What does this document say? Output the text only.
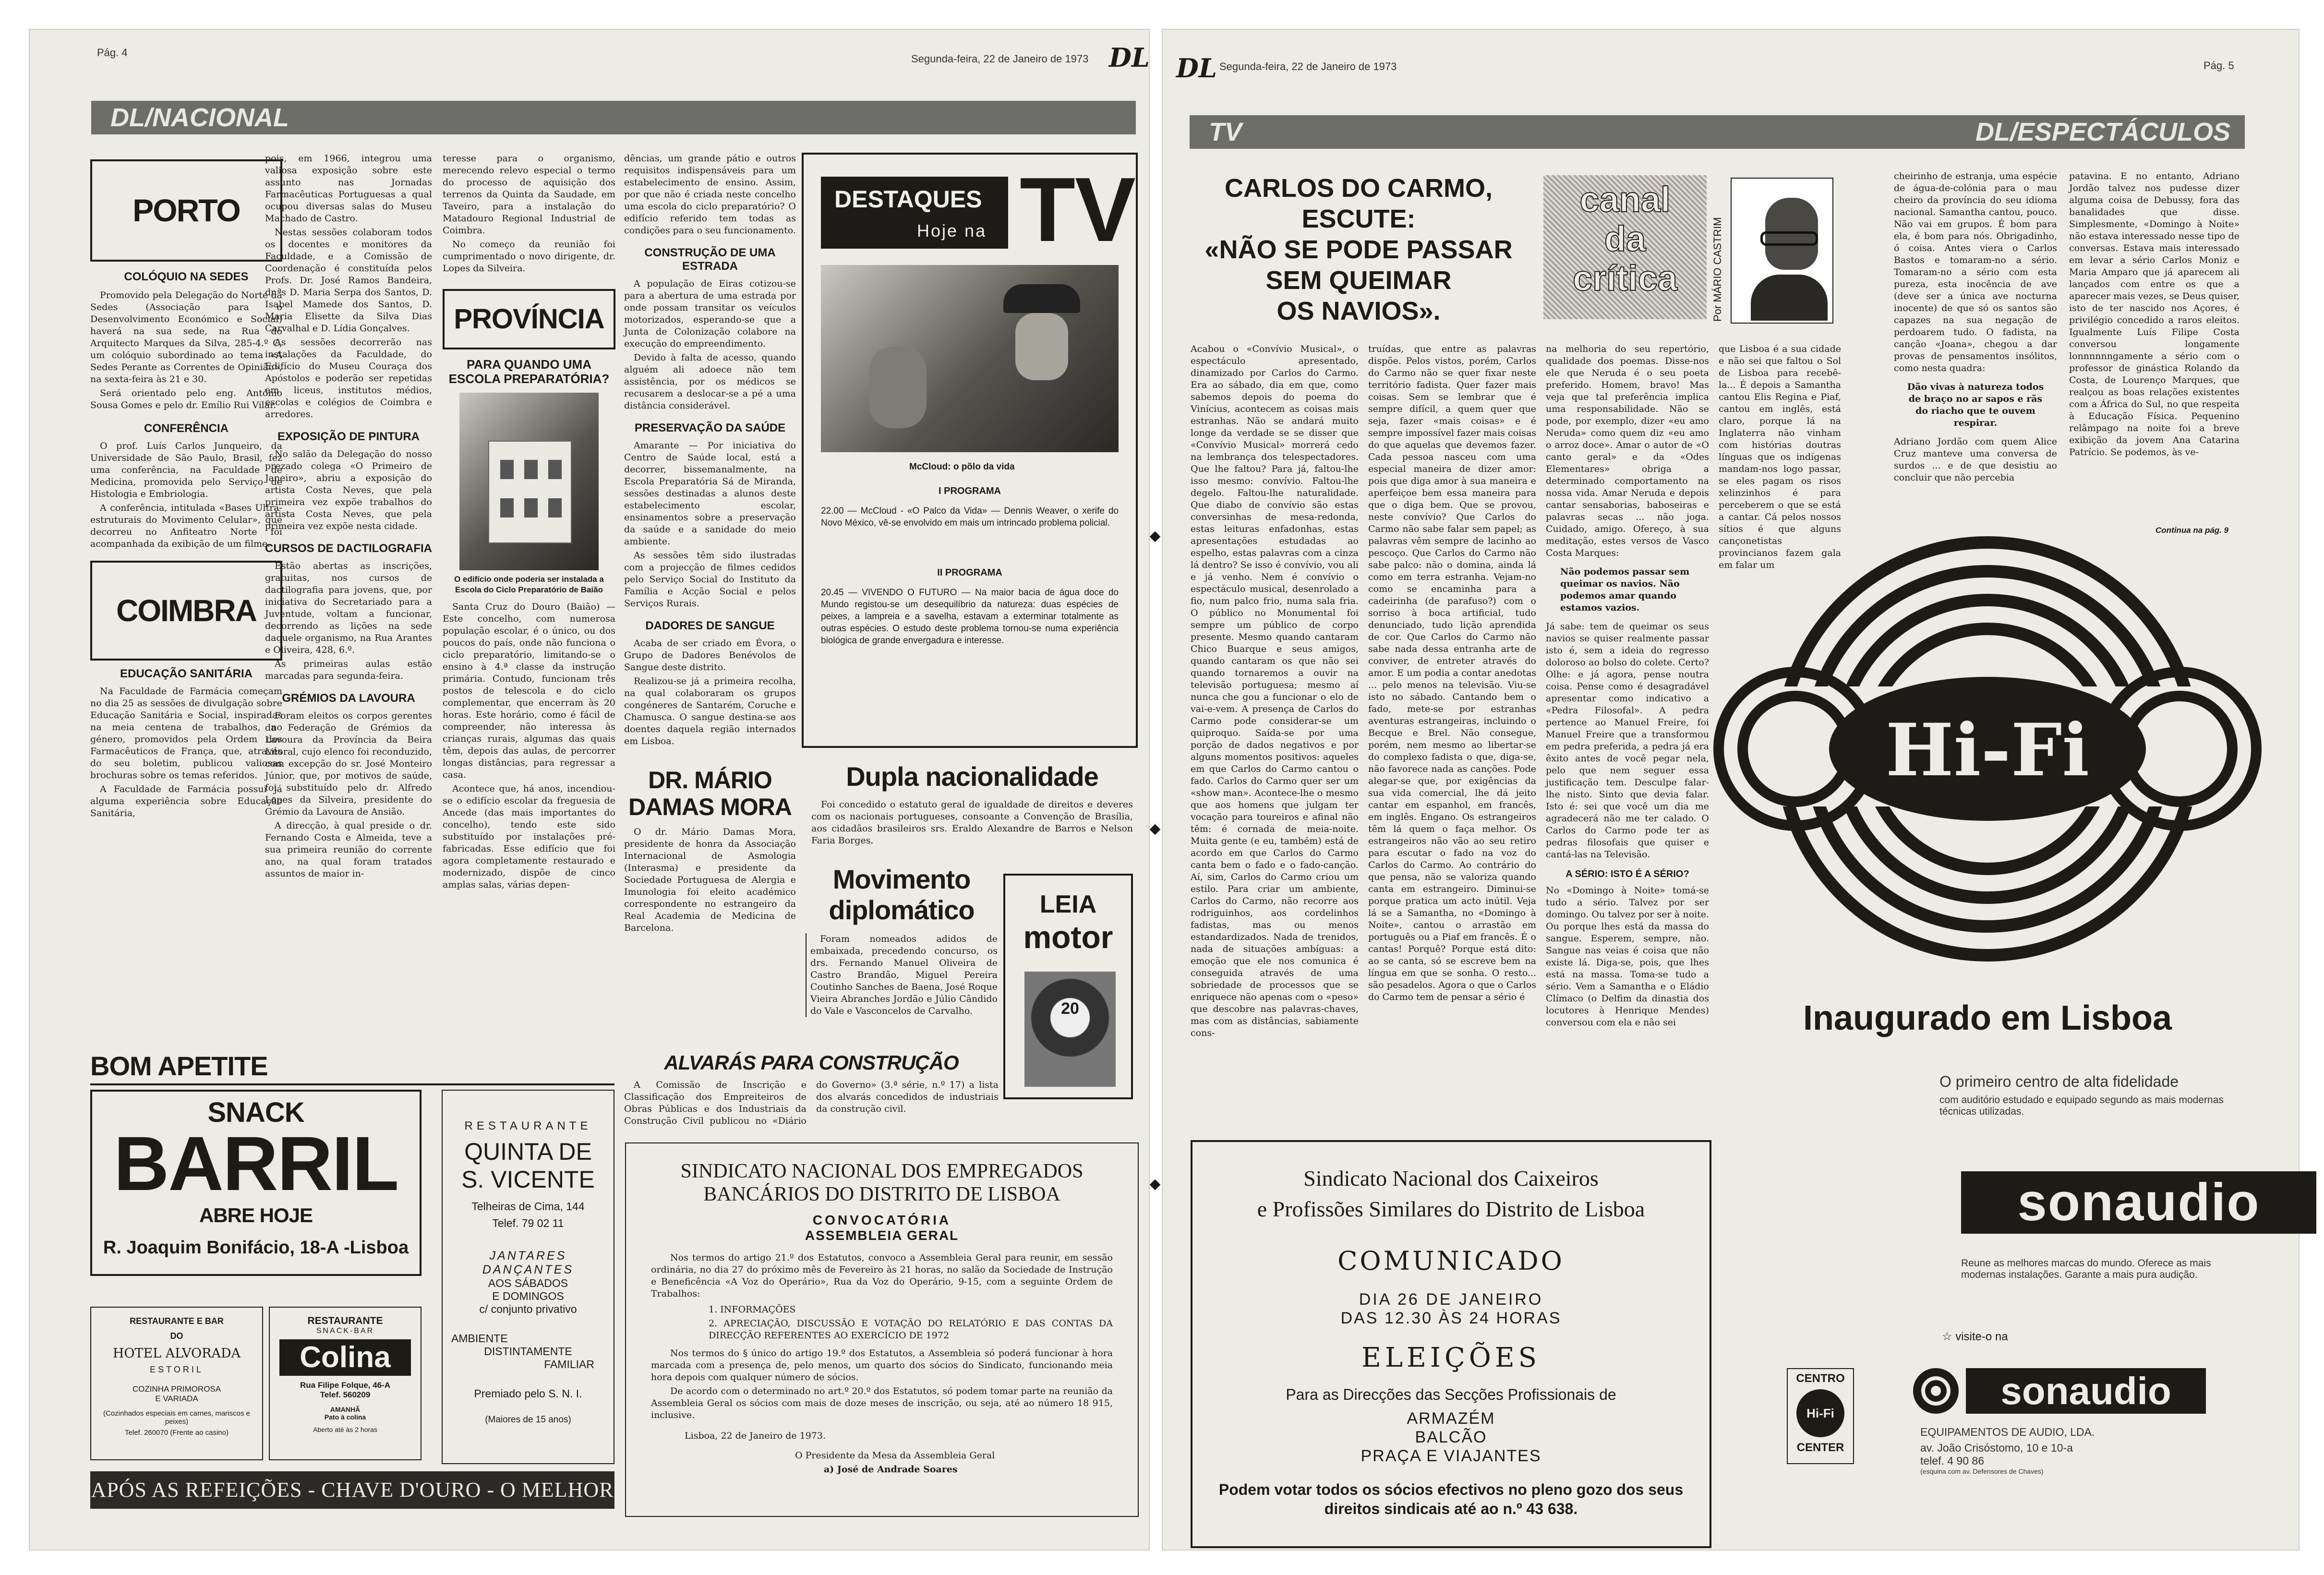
Pág. 4
Segunda-feira, 22 de Janeiro de 1973 DL
DL/NACIONAL
PORTO
COLÓQUIO NA SEDES

Promovido pela Delegação do Norte da Sedes (Associação para o Desenvolvimento Económico e Social) haverá na sua sede, na Rua do Arquitecto Marques da Silva, 285-4.º C, um colóquio subordinado ao tema «A Sedes Perante as Correntes de Opinião», na sexta-feira às 21 e 30.

Será orientado pelo eng. António Sousa Gomes e pelo dr. Emílio Rui Vilar.

CONFERÊNCIA

O prof. Luís Carlos Junqueiro, da Universidade de São Paulo, Brasil, fez uma conferência, na Faculdade de Medicina, promovida pelo Serviço de Histologia e Embriologia.

A conferência, intitulada «Bases Ultra-estruturais do Movimento Celular», que decorreu no Anfiteatro Norte foi acompanhada da exibição de um filme.

COIMBRA
EDUCAÇÃO SANITÁRIA

Na Faculdade de Farmácia começam no dia 25 as sessões de divulgação sobre Educação Sanitária e Social, inspiradas na meia centena de trabalhos, no género, promovidos pela Ordem dos Farmacêuticos de França, que, através do seu boletim, publicou valiosas brochuras sobre os temas referidos.

A Faculdade de Farmácia possui já alguma experiência sobre Educação Sanitária,

pois, em 1966, integrou uma valiosa exposição sobre este assunto nas Jornadas Farmacêuticas Portuguesas a qual ocupou diversas salas do Museu Machado de Castro.

Nestas sessões colaboram todos os docentes e monitores da Faculdade, e a Comissão de Coordenação é constituída pelos Profs. Dr. José Ramos Bandeira, dr.ªs D. Maria Serpa dos Santos, D. Isabel Mamede dos Santos, D. Maria Elisette da Silva Dias Carvalhal e D. Lídia Gonçalves.

As sessões decorrerão nas instalações da Faculdade, do Edifício do Museu Couraça dos Apóstolos e poderão ser repetidas em liceus, institutos médios, escolas e colégios de Coimbra e arredores.

EXPOSIÇÃO DE PINTURA

No salão da Delegação do nosso prezado colega «O Primeiro de Janeiro», abriu a exposição do artista Costa Neves, que pela primeira vez expõe trabalhos do artista Costa Neves, que pela primeira vez expõe nesta cidade.

CURSOS DE DACTILOGRAFIA

Estão abertas as inscrições, gratuitas, nos cursos de dactilografia para jovens, que, por iniciativa do Secretariado para a Juventude, voltam a funcionar, decorrendo as lições na sede daquele organismo, na Rua Arantes e Oliveira, 428, 6.º.

As primeiras aulas estão marcadas para segunda-feira.

GRÉMIOS DA LAVOURA

Foram eleitos os corpos gerentes da Federação de Grémios da Lavoura da Província da Beira Litoral, cujo elenco foi reconduzido, com excepção do sr. José Monteiro Júnior, que, por motivos de saúde, foi substituído pelo dr. Alfredo Lopes da Silveira, presidente do Grémio da Lavoura de Ansião.

A direcção, à qual preside o dr. Fernando Costa e Almeida, teve a sua primeira reunião do corrente ano, na qual foram tratados assuntos de maior in-

teresse para o organismo, merecendo relevo especial o termo do processo de aquisição dos terrenos da Quinta da Saudade, em Taveiro, para a instalação do Matadouro Regional Industrial de Coimbra.

No começo da reunião foi cumprimentado o novo dirigente, dr. Lopes da Silveira.

PROVÍNCIA
PARA QUANDO UMA ESCOLA PREPARATÓRIA?
O edifício onde poderia ser instalada a Escola do Ciclo Preparatório de Baião

Santa Cruz do Douro (Baião) — Este concelho, com numerosa população escolar, é o único, ou dos poucos do país, onde não funciona o ciclo preparatório, limitando-se o ensino à 4.ª classe da instrução primária. Contudo, funcionam três postos de telescola e do ciclo complementar, que encerram às 20 horas. Este horário, como é fácil de compreender, não interessa às crianças rurais, algumas das quais têm, depois das aulas, de percorrer longas distâncias, para regressar a casa.

Acontece que, há anos, incendiou-se o edifício escolar da freguesia de Ancede (das mais importantes do concelho), tendo este sido substituído por instalações pré-fabricadas. Esse edifício que foi agora completamente restaurado e modernizado, dispõe de cinco amplas salas, várias depen-

dências, um grande pátio e outros requisitos indispensáveis para um estabelecimento de ensino. Assim, por que não é criada neste concelho uma escola do ciclo preparatório? O edifício referido tem todas as condições para o seu funcionamento.

CONSTRUÇÃO DE UMA ESTRADA

A população de Eiras cotizou-se para a abertura de uma estrada por onde possam transitar os veículos motorizados, esperando-se que a Junta de Colonização colabore na execução do empreendimento.

Devido à falta de acesso, quando alguém ali adoece não tem assistência, por os médicos se recusarem a deslocar-se a pé a uma distância considerável.

PRESERVAÇÃO DA SAÚDE

Amarante — Por iniciativa do Centro de Saúde local, está a decorrer, bissemanalmente, na Escola Preparatória Sá de Miranda, sessões destinadas a alunos deste estabelecimento escolar, ensinamentos sobre a preservação da saúde e a sanidade do meio ambiente.

As sessões têm sido ilustradas com a projecção de filmes cedidos pelo Serviço Social do Instituto da Família e Acção Social e pelos Serviços Rurais.

DADORES DE SANGUE

Acaba de ser criado em Évora, o Grupo de Dadores Benévolos de Sangue deste distrito.

Realizou-se já a primeira recolha, na qual colaboraram os grupos congéneres de Santarém, Coruche e Chamusca. O sangue destina-se aos doentes daquela região internados em Lisboa.

DR. MÁRIO DAMAS MORA

O dr. Mário Damas Mora, presidente de honra da Associação Internacional de Asmologia (Interasma) e presidente da Sociedade Portuguesa de Alergia e Imunologia foi eleito académico correspondente no estrangeiro da Real Academia de Medicina de Barcelona.

DESTAQUES
Hoje na TV
McCloud: o põlo da vida
I PROGRAMA

22.00 — McCloud - «O Palco da Vida» — Dennis Weaver, o xerife do Novo México, vê-se envolvido em mais um intrincado problema policial.

II PROGRAMA

20.45 — VIVENDO O FUTURO — Na maior bacia de água doce do Mundo registou-se um desequilíbrio da natureza: duas espécies de peixes, a lampreia e a savelha, estavam a exterminar totalmente as outras espécies. O estudo deste problema tornou-se numa experiência biológica de grande envergadura e interesse.

Dupla nacionalidade

Foi concedido o estatuto geral de igualdade de direitos e deveres com os nacionais portugueses, consoante a Convenção de Brasília, aos cidadãos brasileiros srs. Eraldo Alexandre de Barros e Nelson Faria Borges.

Movimento diplomático

Foram nomeados adidos de embaixada, precedendo concurso, os drs. Fernando Manuel Oliveira de Castro Brandão, Miguel Pereira Coutinho Sanches de Baena, José Roque Vieira Abranches Jordão e Júlio Cândido do Vale e Vasconcelos de Carvalho.

LEIA
motor
20
ALVARÁS PARA CONSTRUÇÃO

A Comissão de Inscrição e Classificação dos Empreiteiros de Obras Públicas e dos Industriais da Construção Civil publicou no «Diário do Governo» (3.ª série, n.º 17) a lista dos alvarás concedidos de industriais da construção civil.

BOM APETITE
SNACK
BARRIL
ABRE HOJE
R. Joaquim Bonifácio, 18-A -Lisboa
RESTAURANTE
QUINTA DE
S. VICENTE
Telheiras de Cima, 144
Telef. 79 02 11
JANTARES
DANÇANTES
AOS SÁBADOS
E DOMINGOS
c/ conjunto privativo
AMBIENTE
DISTINTAMENTE
FAMILIAR
Premiado pelo S. N. I.
(Maiores de 15 anos)
RESTAURANTE E BAR
DO
HOTEL ALVORADA
ESTORIL
COZINHA PRIMOROSA
E VARIADA
(Cozinhados especiais em carnes, mariscos e peixes)
Telef. 260070 (Frente ao casino)
RESTAURANTE
SNACK-BAR
Colina
Rua Filipe Folque, 46-A
Telef. 560209
AMANHÃ
Pato à colina
Aberto até às 2 horas
APÓS AS REFEIÇÕES - CHAVE D'OURO - O MELHOR CAFÉ
SINDICATO NACIONAL DOS EMPREGADOS
BANCÁRIOS DO DISTRITO DE LISBOA
CONVOCATÓRIA
ASSEMBLEIA GERAL

Nos termos do artigo 21.º dos Estatutos, convoco a Assembleia Geral para reunir, em sessão ordinária, no dia 27 do próximo mês de Fevereiro às 21 horas, no salão da Sociedade de Instrução e Beneficência «A Voz do Operário», Rua da Voz do Operário, 9-15, com a seguinte Ordem de Trabalhos:

1. INFORMAÇÕES
2. APRECIAÇÃO, DISCUSSÃO E VOTAÇÃO DO RELATÓRIO E DAS CONTAS DA DIRECÇÃO REFERENTES AO EXERCÍCIO DE 1972

Nos termos do § único do artigo 19.º dos Estatutos, a Assembleia só poderá funcionar à hora marcada com a presença de, pelo menos, um quarto dos sócios do Sindicato, funcionando meia hora depois com qualquer número de sócios.

De acordo com o determinado no art.º 20.º dos Estatutos, só podem tomar parte na reunião da Assembleia Geral os sócios com mais de doze meses de inscrição, ou seja, até ao número 18 915, inclusive.

Lisboa, 22 de Janeiro de 1973.
O Presidente da Mesa da Assembleia Geral
a) José de Andrade Soares
DL Segunda-feira, 22 de Janeiro de 1973	Pág. 5
TV	DL/ESPECTÁCULOS
CARLOS DO CARMO,
ESCUTE:
«NÃO SE PODE PASSAR
SEM QUEIMAR
OS NAVIOS».
canal
da
crítica	Por MÁRIO CASTRIM
Acabou o «Convívio Musical», o espectáculo apresentado, dinamizado por Carlos do Carmo. Era ao sábado, dia em que, como sabemos depois do poema do Vinícius, acontecem as coisas mais estranhas. Não se andará muito longe da verdade se se disser que «Convívio Musical» morrerá cedo na lembrança dos telespectadores. Que lhe faltou? Para já, faltou-lhe isso mesmo: convívio. Faltou-lhe degelo. Faltou-lhe naturalidade. Que diabo de convívio são estas conversinhas de mesa-redonda, estas leituras enfadonhas, estas apresentações estudadas ao espelho, estas palavras com a cinza lá dentro? Se isso é convívio, vou ali e já venho. Nem é convívio o espectáculo musical, desenrolado a fio, num palco frio, numa sala fria. O público no Monumental foi sempre um público de corpo presente. Mesmo quando cantaram Chico Buarque e seus amigos, quando cantaram os que não sei quando tornaremos a ouvir na televisão portuguesa; mesmo aí nunca che gou a funcionar o elo de vai-e-vem. A presença de Carlos do Carmo pode considerar-se um quiproquo. Saída-se por uma porção de dados negativos e por alguns momentos positivos: aqueles em que Carlos do Carmo cantou o fado. Carlos do Carmo quer ser um «show man». Acontece-lhe o mesmo que aos homens que julgam ter vocação para toureiros e afinal não têm: é cornada de meia-noite. Muita gente (e eu, também) está de acordo em que Carlos do Carmo canta bem o fado e o fado-canção. Aí, sim, Carlos do Carmo criou um estilo. Para criar um ambiente, Carlos do Carmo, não recorre aos rodriguinhos, aos cordelinhos fadistas, mas ou menos estandardizados. Nada de trenidos, nada de situações ambíguas: a emoção que ele nos comunica é conseguida através de uma sobriedade de processos que se enriquece não apenas com o «peso» que descobre nas palavras-chaves, mas com as distâncias, sabiamente cons-
truídas, que entre as palavras dispõe. Pelos vistos, porém, Carlos do Carmo não se quer fixar neste território fadista. Quer fazer mais coisas. Sem se lembrar que é sempre difícil, a quem quer que seja, fazer «mais coisas» e é sempre impossível fazer mais coisas do que aquelas que devemos fazer. Cada pessoa nasceu com uma especial maneira de dizer amor: pois que diga amor à sua maneira e aperfeiçoe bem essa maneira para que o diga bem. Que se provou, neste convívio? Que Carlos do Carmo não sabe falar sem papel; as palavras vêm sempre de lacinho ao pescoço. Que Carlos do Carmo não sabe palco: não o domina, ainda lá como em terra estranha. Vejam-no como se encaminha para a cadeirinha (de parafuso?) com o sorriso à boca artificial, tudo denunciado, tudo lição aprendida de cor. Que Carlos do Carmo não sabe nada dessa entranha arte de conviver, de entreter através do amor. E um podia a contar anedotas ... pelo menos na televisão. Viu-se isto no sábado. Cantando bem o fado, mete-se por estranhas aventuras estrangeiras, incluindo o Becque e Brel. Não consegue, porém, nem mesmo ao libertar-se do complexo fadista o que, diga-se, não favorece nada as canções. Pode alegar-se que, por exigências da sua vida comercial, lhe dá jeito cantar em espanhol, em francês, em inglês. Engano. Os estrangeiros têm lá quem o faça melhor. Os estrangeiros não vão ao seu retiro para escutar o fado na voz do Carlos do Carmo. Ao contrário do que pensa, não se valoriza quando canta em estrangeiro. Diminui-se porque pratica um acto inútil. Veja lá se a Samantha, no «Domingo à Noite», cantou o arrastão em português ou a Piaf em francês. É o cantas! Porquê? Porque está dito: ao se canta, só se escreve bem na língua em que se sonha. O resto... são pesadelos. Agora o que o Carlos do Carmo tem de pensar a sério é

na melhoria do seu repertório, qualidade dos poemas. Disse-nos ele que Neruda é o seu poeta preferido. Homem, bravo! Mas veja que tal preferência implica uma responsabilidade. Não se pode, por exemplo, dizer «eu amo Neruda» como quem diz «eu amo o arroz doce». Amar o autor de «O canto geral» e da «Odes Elementares» obriga a determinado comportamento na nossa vida. Amar Neruda e depois cantar sensaborias, baboseiras e palavras secas ... não joga. Cuidado, amigo. Ofereço, à sua meditação, estes versos de Vasco Costa Marques:

Não podemos passar sem queimar os navios. Não podemos amar quando estamos vazios.

Já sabe: tem de queimar os seus navios se quiser realmente passar isto é, sem a ideia do regresso doloroso ao bolso do colete. Certo? Olhe: e já agora, pense noutra coisa. Pense como é desagradável apresentar como indicativo a «Pedra Filosofal». A pedra pertence ao Manuel Freire, foi Manuel Freire que a transformou em pedra preferida, a pedra já era êxito antes de você pegar nela, pelo que nem seguer essa justificação tem. Desculpe falar-lhe nisto. Sinto que devia falar. Isto é: sei que você um dia me agradecerá não me ter calado. O Carlos do Carmo pode ter as pedras filosofais que quiser e cantá-las na Televisão.

A SÉRIO: ISTO É A SÉRIO?

No «Domingo à Noite» tomá-se tudo a sério. Talvez por ser domingo. Ou talvez por ser à noite. Ou porque lhes está da massa do sangue. Esperem, sempre, não. Sangue nas veias é coisa que não existe lá. Diga-se, pois, que lhes está na massa. Toma-se tudo a sério. Vem a Samantha e o Eládio Clímaco (o Delfim da dinastia dos locutores à Henrique Mendes) conversou com ela e não sei

que Lisboa é a sua cidade e não sei que faltou o Sol de Lisboa para recebê-la... É depois a Samantha cantou Elis Regina e Piaf, cantou em inglês, está claro, porque lá na Inglaterra não vinham com histórias doutras línguas que os indígenas mandam-nos logo passar, se eles pagam os risos xelinzinhos é para perceberem o que se está a cantar. Cá pelos nossos sítios é que alguns cançonetistas provincianos fazem gala em falar um

cheirinho de estranja, uma espécie de água-de-colónia para o mau cheiro da província do seu idioma nacional. Samantha cantou, pouco. Não vai em grupos. É bom para ela, é bom para nós. Obrigadinho, ó coisa. Antes viera o Carlos Bastos e tomaram-no a sério. Tomaram-no a sério com esta pureza, esta inocência de ave (deve ser a única ave nocturna inocente) de que só os santos são capazes na sua negação de perdoarem tudo. O fadista, na canção «Joana», chegou a dar provas de pensamentos insólitos, como nesta quadra:

Dão vivas à natureza todos de braço no ar sapos e rãs do riacho que te ouvem respirar.

Adriano Jordão com quem Alice Cruz manteve uma conversa de surdos ... e de que desistiu ao concluir que não percebia

patavina. E no entanto, Adriano Jordão talvez nos pudesse dizer alguma coisa de Debussy, fora das banalidades que disse. Simplesmente, «Domingo à Noite» não estava interessado nesse tipo de conversas. Estava mais interessado em levar a sério Carlos Moniz e Maria Amparo que já aparecem ali lançados com entre os que a aparecer mais vezes, se Deus quiser, isto de ter nascido nos Açores, é privilégio concedido a raros eleitos. Igualmente Luís Filipe Costa conversou longamente lonnnnnngamente a sério com o professor de ginástica Rolando da Costa, de Lourenço Marques, que realçou as boas relações existentes com a África do Sul, no que respeita à Educação Física. Pequenino relâmpago na noite foi a breve exibição da jovem Ana Catarina Patrício. Se podemos, às ve-

Continua na pág. 9
Hi-Fi
Inaugurado em Lisboa
O primeiro centro de alta fidelidade
com auditório estudado e equipado segundo as mais modernas técnicas utilizadas.
sonaudio
Reune as melhores marcas do mundo. Oferece as mais modernas instalações. Garante a mais pura audição.
☆ visite-o na
CENTRO
Hi-Fi
CENTER
sonaudio
EQUIPAMENTOS DE AUDIO, LDA.
av. João Crisóstomo, 10 e 10-a
telef. 4 90 86
(esquina com av. Defensores de Chaves)
Sindicato Nacional dos Caixeiros
e Profissões Similares do Distrito de Lisboa
COMUNICADO
DIA 26 DE JANEIRO
DAS 12.30 ÀS 24 HORAS
ELEIÇÕES
Para as Direcções das Secções Profissionais de
ARMAZÉM
BALCÃO
PRAÇA E VIAJANTES
Podem votar todos os sócios efectivos no pleno gozo dos seus direitos sindicais até ao n.º 43 638.
